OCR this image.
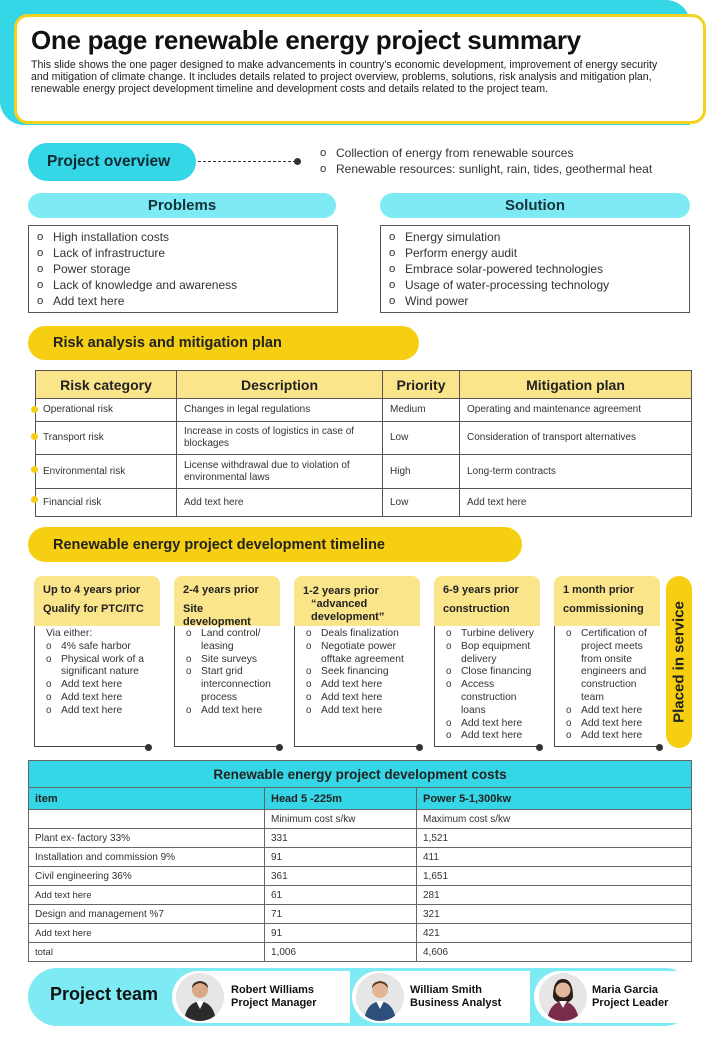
One page renewable energy project summary
This slide shows the one pager designed to make advancements in country's economic development, improvement of energy security and mitigation of climate change. It includes details related to project overview, problems, solutions, risk analysis and mitigation plan, renewable energy project development timeline and development costs and details related to the project team.
Project overview	o Collection of energy from renewable sources
o Renewable resources: sunlight, rain, tides, geothermal heat
Problems	Solution
o High installation costs
o Lack of infrastructure
o Power storage
o Lack of knowledge and awareness
o Add text here
o Energy simulation
o Perform energy audit
o Embrace solar-powered technologies
o Usage of water-processing technology
o Wind power
Risk analysis and mitigation plan
Risk category	Description	Priority	Mitigation plan
Operational risk	Changes in legal regulations	Medium	Operating and maintenance agreement
Transport risk	Increase in costs of logistics in case of blockages	Low	Consideration of transport alternatives
Environmental risk	License withdrawal due to violation of environmental laws	High	Long-term contracts
Financial risk	Add text here	Low	Add text here
Renewable energy project development timeline
Up to 4 years prior
Qualify for PTC/ITC
Via either:
o 4% safe harbor
o Physical work of a significant nature
o Add text here
o Add text here
o Add text here
2-4 years prior
Site development
o Land control/ leasing
o Site surveys
o Start grid interconnection process
o Add text here
1-2 years prior
“advanced development”
o Deals finalization
o Negotiate power offtake agreement
o Seek financing
o Add text here
o Add text here
o Add text here
6-9 years prior
construction
o Turbine delivery
o Bop equipment delivery
o Close financing
o Access construction loans
o Add text here
o Add text here
1 month prior
commissioning
o Certification of project meets from onsite engineers and construction team
o Add text here
o Add text here
o Add text here
Placed in service
Renewable energy project development costs		
item	Head 5 -225m	Power 5-1,300kw
	Minimum cost s/kw	Maximum cost s/kw
Plant ex- factory 33%	331	1,521
Installation and commission 9%	91	411
Civil engineering 36%	361	1,651
Add text here	61	281
Design and management %7	71	321
Add text here	91	421
total	1,006	4,606
Project team	Robert Williams
Project Manager
William Smith
Business Analyst
Maria Garcia
Project Leader
